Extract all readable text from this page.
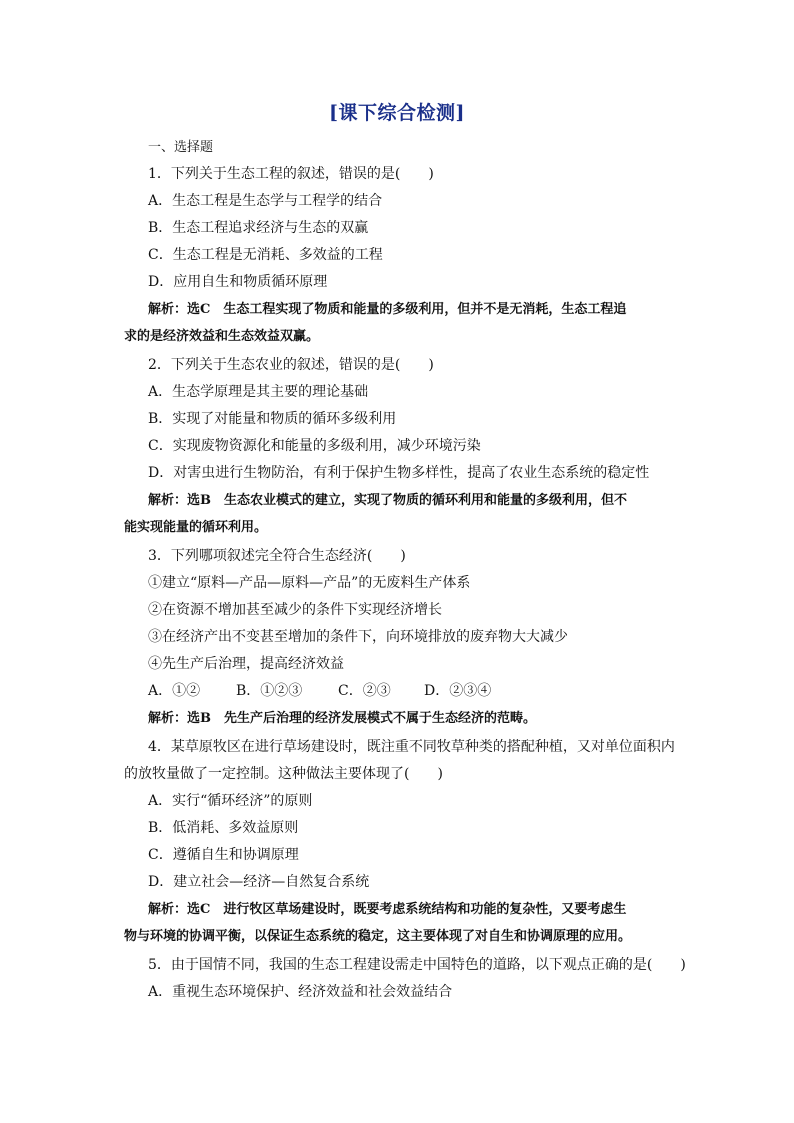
[课下综合检测]
一、选择题
1．下列关于生态工程的叙述，错误的是(　　)
A．生态工程是生态学与工程学的结合
B．生态工程追求经济与生态的双赢
C．生态工程是无消耗、多效益的工程
D．应用自生和物质循环原理
解析：选C　生态工程实现了物质和能量的多级利用，但并不是无消耗，生态工程追
求的是经济效益和生态效益双赢。
2．下列关于生态农业的叙述，错误的是(　　)
A．生态学原理是其主要的理论基础
B．实现了对能量和物质的循环多级利用
C．实现废物资源化和能量的多级利用，减少环境污染
D．对害虫进行生物防治，有利于保护生物多样性，提高了农业生态系统的稳定性
解析：选B　生态农业模式的建立，实现了物质的循环利用和能量的多级利用，但不
能实现能量的循环利用。
3．下列哪项叙述完全符合生态经济(　　)
①建立“原料—产品—原料—产品”的无废料生产体系
②在资源不增加甚至减少的条件下实现经济增长
③在经济产出不变甚至增加的条件下，向环境排放的废弃物大大减少
④先生产后治理，提高经济效益
A．①②	B．①②③	C．②③ D．②③④
解析：选B　先生产后治理的经济发展模式不属于生态经济的范畴。
4．某草原牧区在进行草场建设时，既注重不同牧草种类的搭配种植，又对单位面积内
的放牧量做了一定控制。这种做法主要体现了(　　)
A．实行“循环经济”的原则
B．低消耗、多效益原则
C．遵循自生和协调原理
D．建立社会—经济—自然复合系统
解析：选C　进行牧区草场建设时，既要考虑系统结构和功能的复杂性，又要考虑生
物与环境的协调平衡，以保证生态系统的稳定，这主要体现了对自生和协调原理的应用。
5．由于国情不同，我国的生态工程建设需走中国特色的道路，以下观点正确的是(　　)
A．重视生态环境保护、经济效益和社会效益结合
